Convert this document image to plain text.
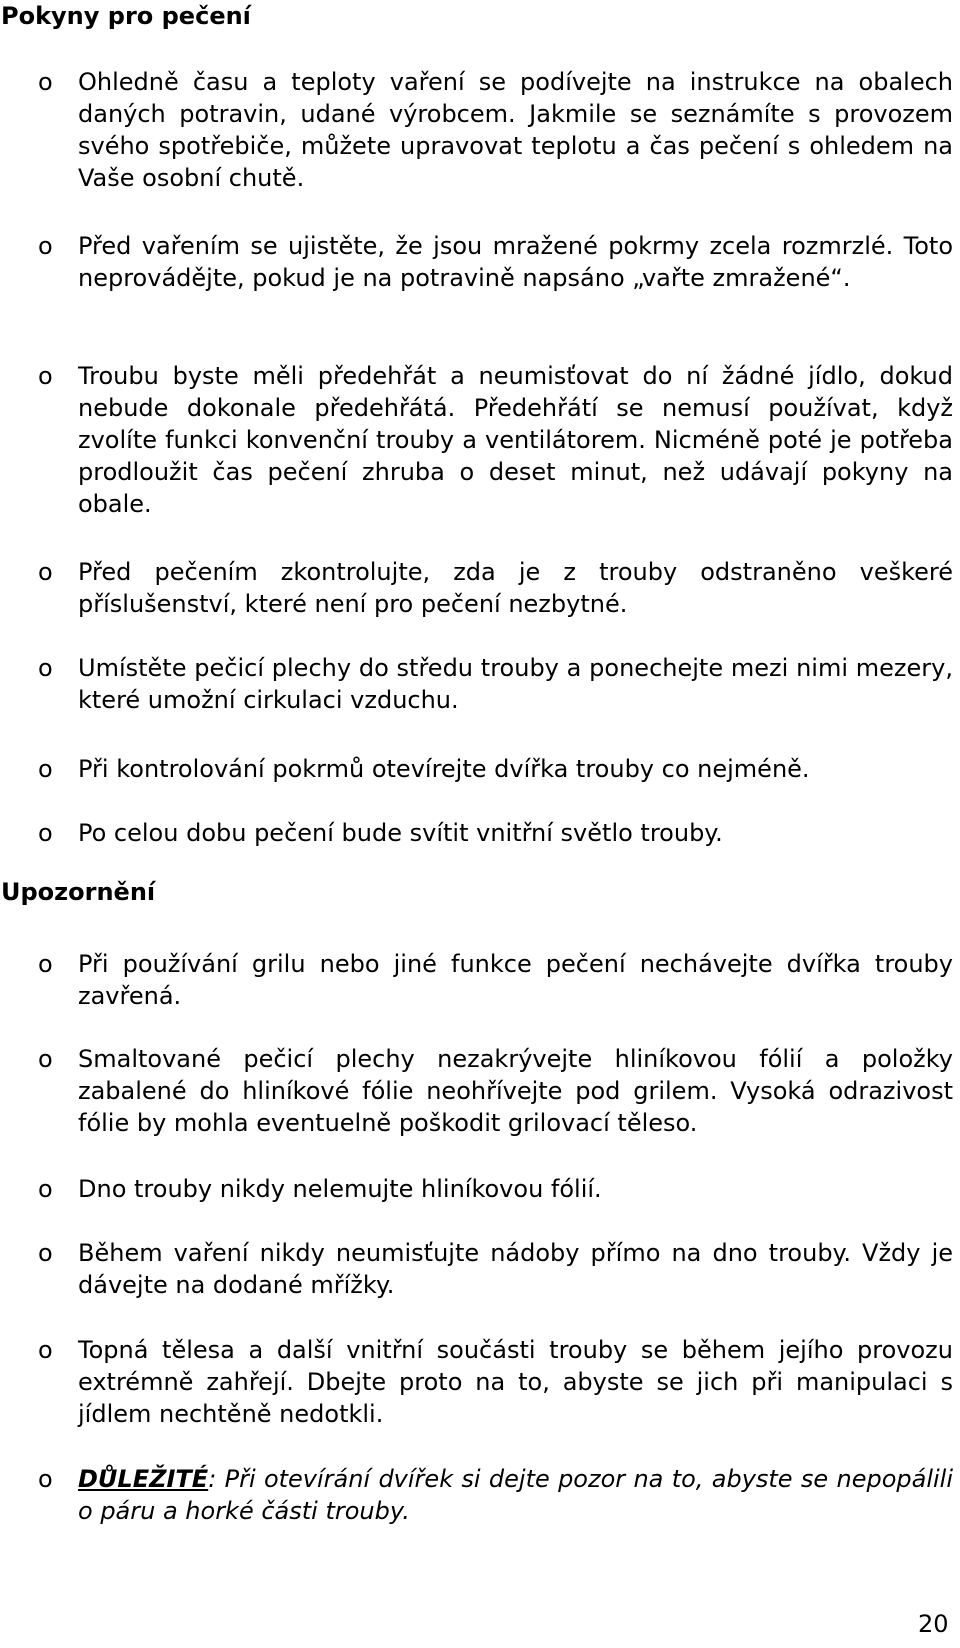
Pokyny pro pečení
o Ohledně času a teploty vaření se podívejte na instrukce na obalech daných potravin, udané výrobcem. Jakmile se seznámíte s provozem svého spotřebiče, můžete upravovat teplotu a čas pečení s ohledem na Vaše osobní chutě.
o Před vařením se ujistěte, že jsou mražené pokrmy zcela rozmrzlé. Toto neprovádějte, pokud je na potravině napsáno „vařte zmražené“.
o Troubu byste měli předehřát a neumisťovat do ní žádné jídlo, dokud nebude dokonale předehřátá. Předehřátí se nemusí používat, když zvolíte funkci konvenční trouby a ventilátorem. Nicméně poté je potřeba prodloužit čas pečení zhruba o deset minut, než udávají pokyny na obale.
o Před pečením zkontrolujte, zda je z trouby odstraněno veškeré příslušenství, které není pro pečení nezbytné.
o Umístěte pečicí plechy do středu trouby a ponechejte mezi nimi mezery, které umožní cirkulaci vzduchu.
o Při kontrolování pokrmů otevírejte dvířka trouby co nejméně.
o Po celou dobu pečení bude svítit vnitřní světlo trouby.
Upozornění
o Při používání grilu nebo jiné funkce pečení nechávejte dvířka trouby zavřená.
o Smaltované pečicí plechy nezakrývejte hliníkovou fólií a položky zabalené do hliníkové fólie neohřívejte pod grilem. Vysoká odrazivost fólie by mohla eventuelně poškodit grilovací těleso.
o Dno trouby nikdy nelemujte hliníkovou fólií.
o Během vaření nikdy neumisťujte nádoby přímo na dno trouby. Vždy je dávejte na dodané mřížky.
o Topná tělesa a další vnitřní součásti trouby se během jejího provozu extrémně zahřejí. Dbejte proto na to, abyste se jich při manipulaci s jídlem nechtěně nedotkli.
o DŮLEŽITÉ: Při otevírání dvířek si dejte pozor na to, abyste se nepopálili o páru a horké části trouby.
20
